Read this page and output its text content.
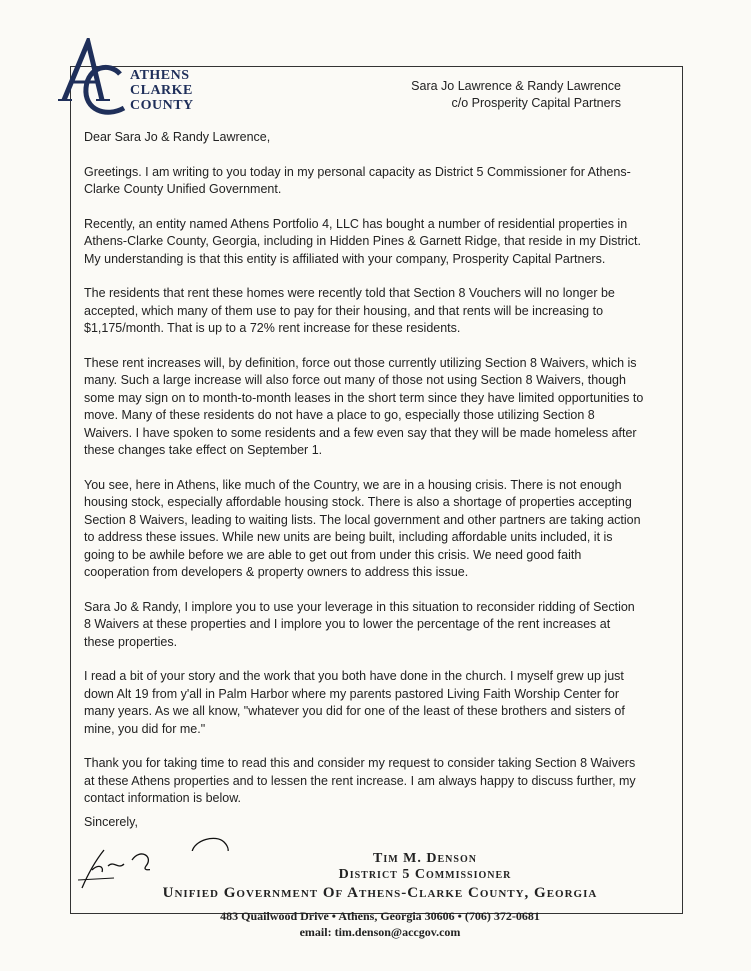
ATHENS
CLARKE
COUNTY
Sara Jo Lawrence & Randy Lawrence
c/o Prosperity Capital Partners

Dear Sara Jo & Randy Lawrence,

Greetings. I am writing to you today in my personal capacity as District 5 Commissioner for Athens-Clarke County Unified Government.

Recently, an entity named Athens Portfolio 4, LLC has bought a number of residential properties in Athens-Clarke County, Georgia, including in Hidden Pines & Garnett Ridge, that reside in my District. My understanding is that this entity is affiliated with your company, Prosperity Capital Partners.

The residents that rent these homes were recently told that Section 8 Vouchers will no longer be accepted, which many of them use to pay for their housing, and that rents will be increasing to $1,175/month. That is up to a 72% rent increase for these residents.

These rent increases will, by definition, force out those currently utilizing Section 8 Waivers, which is many. Such a large increase will also force out many of those not using Section 8 Waivers, though some may sign on to month-to-month leases in the short term since they have limited opportunities to move. Many of these residents do not have a place to go, especially those utilizing Section 8 Waivers. I have spoken to some residents and a few even say that they will be made homeless after these changes take effect on September 1.

You see, here in Athens, like much of the Country, we are in a housing crisis. There is not enough housing stock, especially affordable housing stock. There is also a shortage of properties accepting Section 8 Waivers, leading to waiting lists. The local government and other partners are taking action to address these issues. While new units are being built, including affordable units included, it is going to be awhile before we are able to get out from under this crisis. We need good faith cooperation from developers & property owners to address this issue.

Sara Jo & Randy, I implore you to use your leverage in this situation to reconsider ridding of Section 8 Waivers at these properties and I implore you to lower the percentage of the rent increases at these properties.

I read a bit of your story and the work that you both have done in the church. I myself grew up just down Alt 19 from y'all in Palm Harbor where my parents pastored Living Faith Worship Center for many years. As we all know, "whatever you did for one of the least of these brothers and sisters of mine, you did for me."

Thank you for taking time to read this and consider my request to consider taking Section 8 Waivers at these Athens properties and to lessen the rent increase. I am always happy to discuss further, my contact information is below.

Sincerely,
Tim M. Denson
District 5 Commissioner
Unified Government Of Athens-Clarke County, Georgia
483 Quailwood Drive • Athens, Georgia 30606 • (706) 372-0681
email: tim.denson@accgov.com
